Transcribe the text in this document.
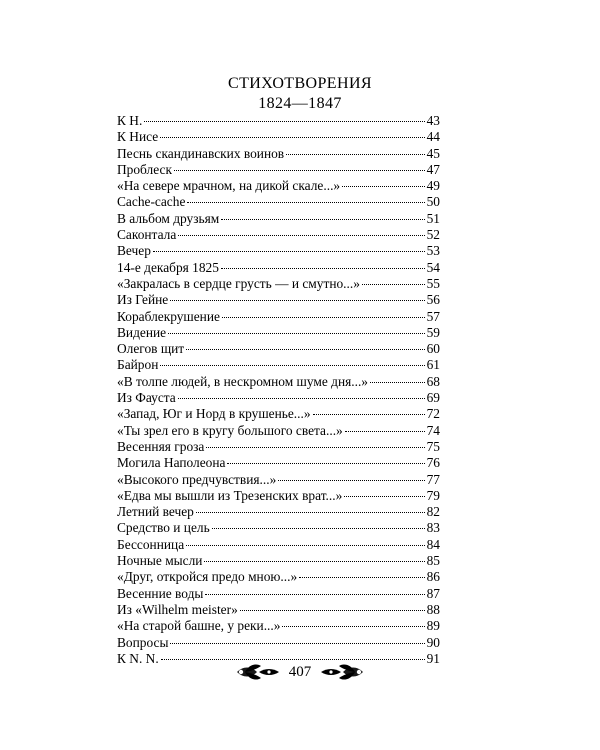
СТИХОТВОРЕНИЯ
1824—1847
К Н.	43
К Нисе	44
Песнь скандинавских воинов	45
Проблеск	47
«На севере мрачном, на дикой скале...»	49
Cache-cache	50
В альбом друзьям	51
Саконтала	52
Вечер	53
14-е декабря 1825	54
«Закралась в сердце грусть — и смутно...»	55
Из Гейне	56
Кораблекрушение	57
Видение	59
Олегов щит	60
Байрон	61
«В толпе людей, в нескромном шуме дня...»	68
Из Фауста	69
«Запад, Юг и Норд в крушенье...»	72
«Ты зрел его в кругу большого света...»	74
Весенняя гроза	75
Могила Наполеона	76
«Высокого предчувствия...»	77
«Едва мы вышли из Трезенских врат...»	79
Летний вечер	82
Средство и цель	83
Бессонница	84
Ночные мысли	85
«Друг, откройся предо мною...»	86
Весенние воды	87
Из «Wilhelm meister»	88
«На старой башне, у реки...»	89
Вопросы	90
К N. N.	91
407
